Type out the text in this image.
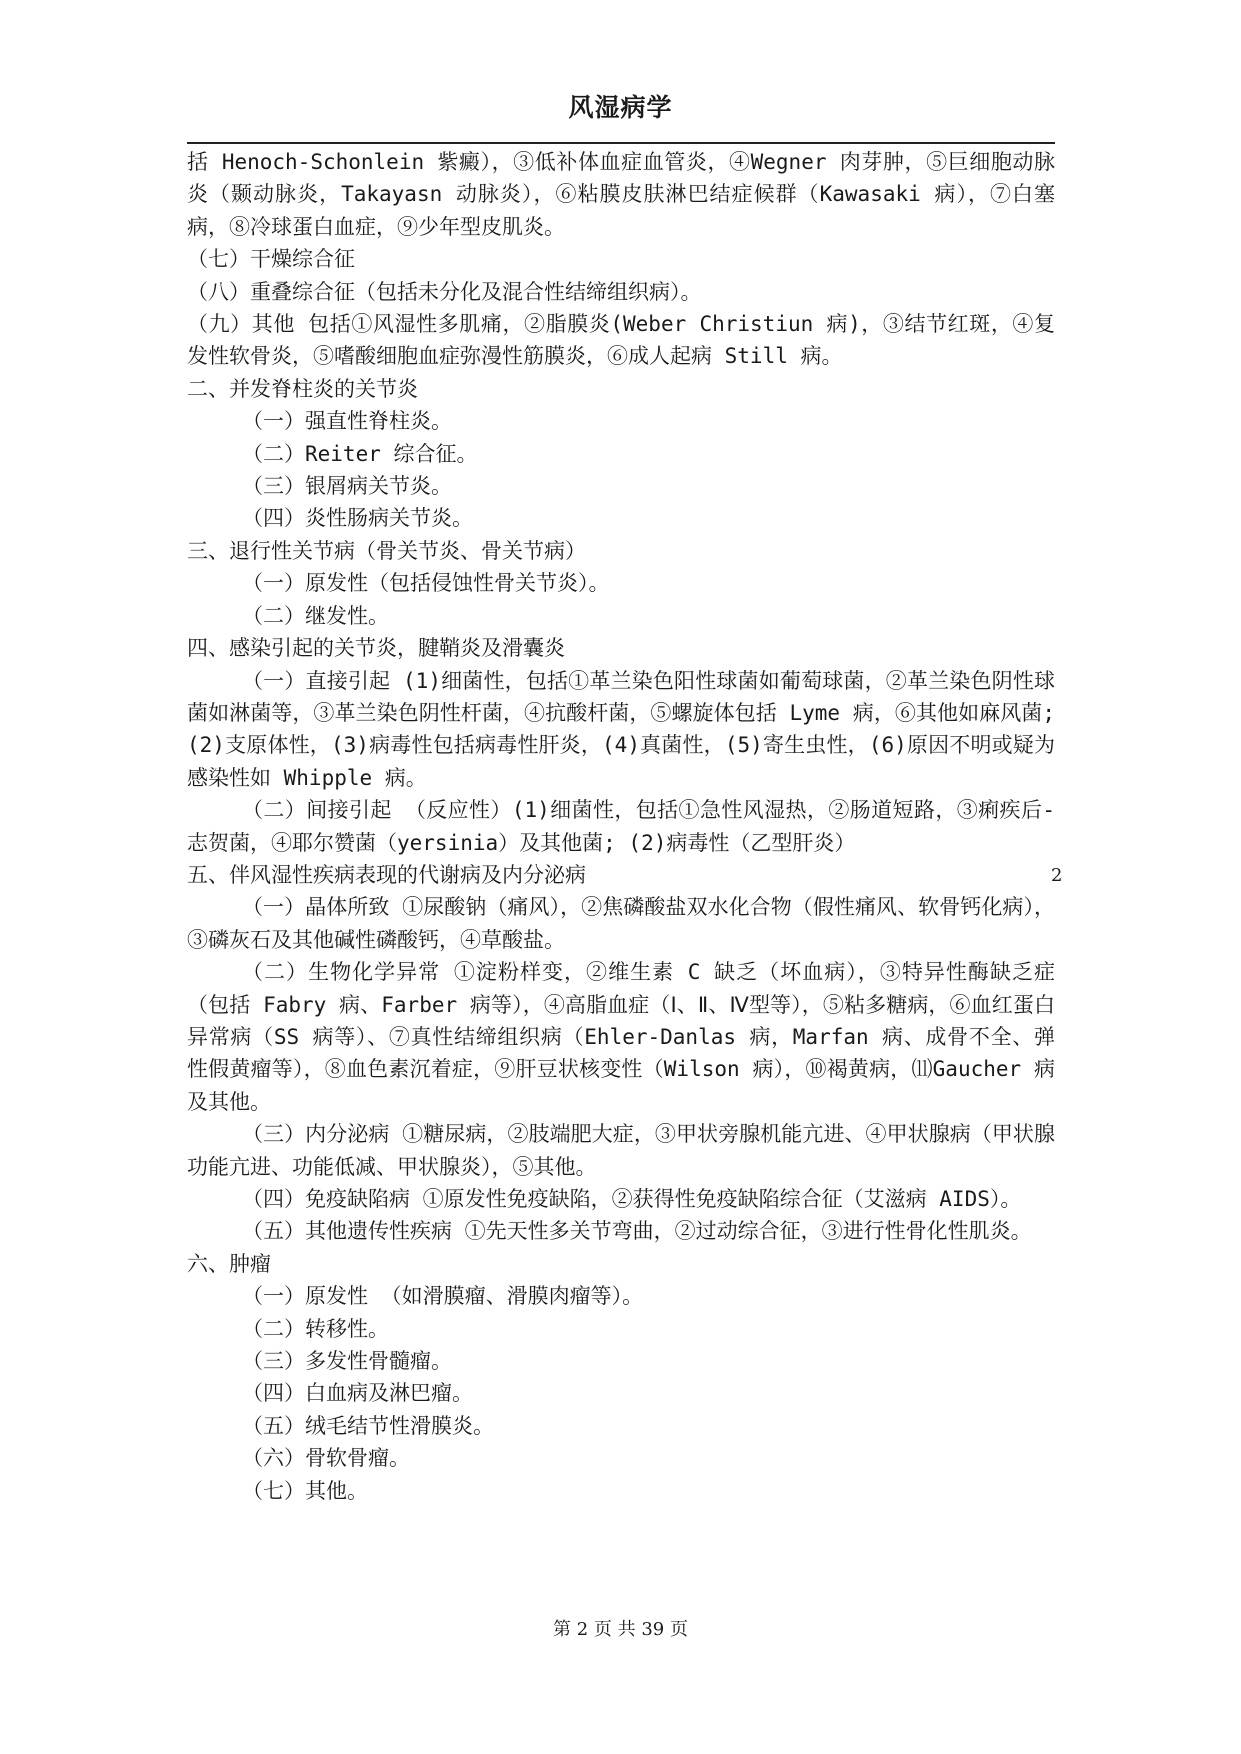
风湿病学

括 Henoch-Schonlein 紫癜），③低补体血症血管炎，④Wegner 肉芽肿，⑤巨细胞动脉炎（颞动脉炎，Takayasn 动脉炎），⑥粘膜皮肤淋巴结症候群（Kawasaki 病），⑦白塞病，⑧冷球蛋白血症，⑨少年型皮肌炎。

（七）干燥综合征

（八）重叠综合征（包括未分化及混合性结缔组织病）。

（九）其他 包括①风湿性多肌痛，②脂膜炎(Weber Christiun 病)，③结节红斑，④复发性软骨炎，⑤嗜酸细胞血症弥漫性筋膜炎，⑥成人起病 Still 病。

二、并发脊柱炎的关节炎

（一）强直性脊柱炎。

（二）Reiter 综合征。

（三）银屑病关节炎。

（四）炎性肠病关节炎。

三、退行性关节病（骨关节炎、骨关节病）

（一）原发性（包括侵蚀性骨关节炎）。

（二）继发性。

四、感染引起的关节炎，腱鞘炎及滑囊炎

（一）直接引起 (1)细菌性，包括①革兰染色阳性球菌如葡萄球菌，②革兰染色阴性球菌如淋菌等，③革兰染色阴性杆菌，④抗酸杆菌，⑤螺旋体包括 Lyme 病，⑥其他如麻风菌; (2)支原体性，(3)病毒性包括病毒性肝炎，(4)真菌性，(5)寄生虫性，(6)原因不明或疑为感染性如 Whipple 病。

（二）间接引起 （反应性）(1)细菌性，包括①急性风湿热，②肠道短路，③痢疾后-志贺菌，④耶尔赞菌（yersinia）及其他菌; (2)病毒性（乙型肝炎）

五、伴风湿性疾病表现的代谢病及内分泌病

（一）晶体所致 ①尿酸钠（痛风），②焦磷酸盐双水化合物（假性痛风、软骨钙化病），③磷灰石及其他碱性磷酸钙，④草酸盐。

（二）生物化学异常 ①淀粉样变，②维生素 C 缺乏（坏血病），③特异性酶缺乏症（包括 Fabry 病、Farber 病等），④高脂血症（Ⅰ、Ⅱ、Ⅳ型等），⑤粘多糖病，⑥血红蛋白异常病（SS 病等）、⑦真性结缔组织病（Ehler-Danlas 病，Marfan 病、成骨不全、弹性假黄瘤等），⑧血色素沉着症，⑨肝豆状核变性（Wilson 病），⑩褐黄病，⑾Gaucher 病及其他。

（三）内分泌病 ①糖尿病，②肢端肥大症，③甲状旁腺机能亢进、④甲状腺病（甲状腺功能亢进、功能低减、甲状腺炎），⑤其他。

（四）免疫缺陷病 ①原发性免疫缺陷，②获得性免疫缺陷综合征（艾滋病 AIDS）。

（五）其他遗传性疾病 ①先天性多关节弯曲，②过动综合征，③进行性骨化性肌炎。

六、肿瘤

（一）原发性 （如滑膜瘤、滑膜肉瘤等）。

（二）转移性。

（三）多发性骨髓瘤。

（四）白血病及淋巴瘤。

（五）绒毛结节性滑膜炎。

（六）骨软骨瘤。

（七）其他。

2
第 2 页 共 39 页
